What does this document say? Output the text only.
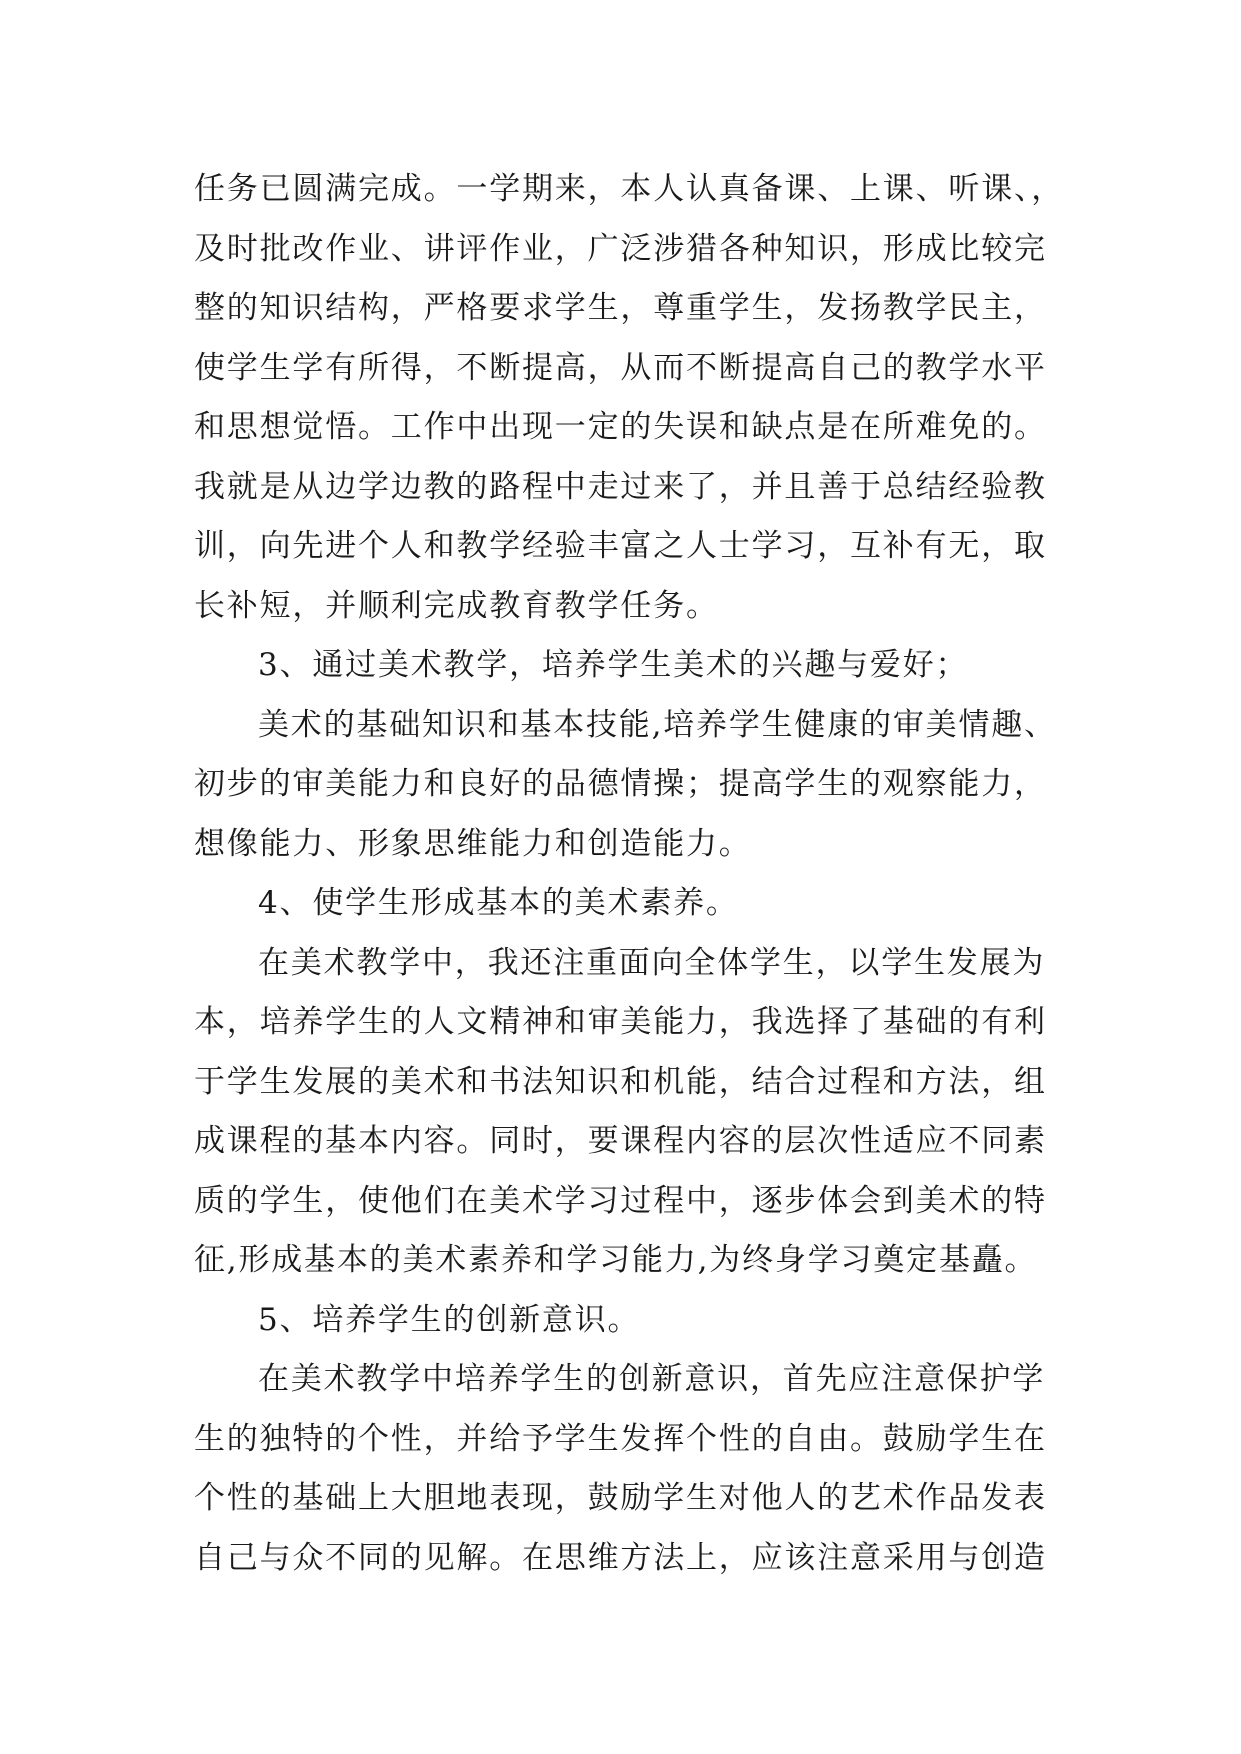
任务已圆满完成。一学期来，本人认真备课、上课、听课、，
及时批改作业、讲评作业，广泛涉猎各种知识，形成比较完
整的知识结构，严格要求学生，尊重学生，发扬教学民主，
使学生学有所得，不断提高，从而不断提高自己的教学水平
和思想觉悟。工作中出现一定的失误和缺点是在所难免的。
我就是从边学边教的路程中走过来了，并且善于总结经验教
训，向先进个人和教学经验丰富之人士学习，互补有无，取
长补短，并顺利完成教育教学任务。
3、通过美术教学，培养学生美术的兴趣与爱好；
美术的基础知识和基本技能,培养学生健康的审美情趣、
初步的审美能力和良好的品德情操；提高学生的观察能力，
想像能力、形象思维能力和创造能力。
4、使学生形成基本的美术素养。
在美术教学中，我还注重面向全体学生，以学生发展为
本，培养学生的人文精神和审美能力，我选择了基础的有利
于学生发展的美术和书法知识和机能，结合过程和方法，组
成课程的基本内容。同时，要课程内容的层次性适应不同素
质的学生，使他们在美术学习过程中，逐步体会到美术的特
征,形成基本的美术素养和学习能力,为终身学习奠定基矗。
5、培养学生的创新意识。
在美术教学中培养学生的创新意识，首先应注意保护学
生的独特的个性，并给予学生发挥个性的自由。鼓励学生在
个性的基础上大胆地表现，鼓励学生对他人的艺术作品发表
自己与众不同的见解。在思维方法上，应该注意采用与创造
